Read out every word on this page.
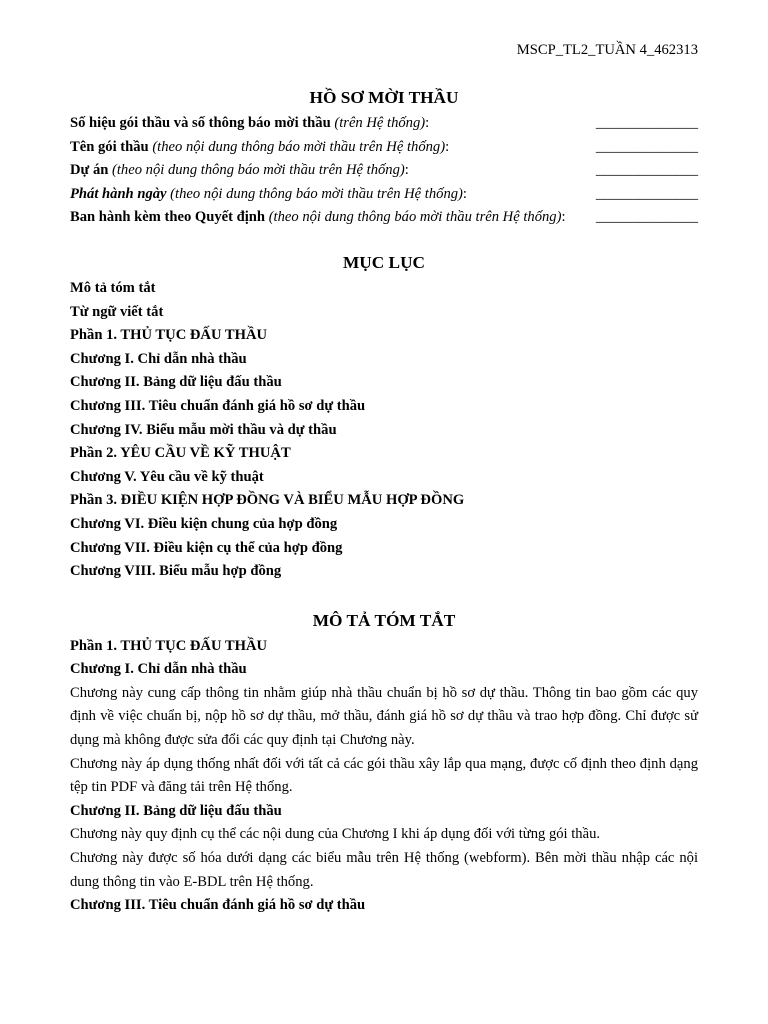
MSCP_TL2_TUẦN 4_462313
HỒ SƠ MỜI THẦU
Số hiệu gói thầu và số thông báo mời thầu (trên Hệ thống):	______________
Tên gói thầu (theo nội dung thông báo mời thầu trên Hệ thống):	______________
Dự án (theo nội dung thông báo mời thầu trên Hệ thống):	______________
Phát hành ngày (theo nội dung thông báo mời thầu trên Hệ thống):	______________
Ban hành kèm theo Quyết định (theo nội dung thông báo mời thầu trên Hệ thống):	______________
MỤC LỤC
Mô tả tóm tắt
Từ ngữ viết tắt
Phần 1. THỦ TỤC ĐẤU THẦU
Chương I. Chỉ dẫn nhà thầu
Chương II. Bảng dữ liệu đấu thầu
Chương III. Tiêu chuẩn đánh giá hồ sơ dự thầu
Chương IV. Biểu mẫu mời thầu và dự thầu
Phần 2. YÊU CẦU VỀ KỸ THUẬT
Chương V. Yêu cầu về kỹ thuật
Phần 3. ĐIỀU KIỆN HỢP ĐỒNG VÀ BIỂU MẪU HỢP ĐỒNG
Chương VI. Điều kiện chung của hợp đồng
Chương VII. Điều kiện cụ thể của hợp đồng
Chương VIII. Biểu mẫu hợp đồng
MÔ TẢ TÓM TẮT
Phần 1. THỦ TỤC ĐẤU THẦU
Chương I. Chỉ dẫn nhà thầu
Chương này cung cấp thông tin nhằm giúp nhà thầu chuẩn bị hồ sơ dự thầu. Thông tin bao gồm các quy định về việc chuẩn bị, nộp hồ sơ dự thầu, mở thầu, đánh giá hồ sơ dự thầu và trao hợp đồng. Chỉ được sử dụng mà không được sửa đổi các quy định tại Chương này.
Chương này áp dụng thống nhất đối với tất cả các gói thầu xây lắp qua mạng, được cố định theo định dạng tệp tin PDF và đăng tải trên Hệ thống.
Chương II. Bảng dữ liệu đấu thầu
Chương này quy định cụ thể các nội dung của Chương I khi áp dụng đối với từng gói thầu.
Chương này được số hóa dưới dạng các biểu mẫu trên Hệ thống (webform). Bên mời thầu nhập các nội dung thông tin vào E-BDL trên Hệ thống.
Chương III. Tiêu chuẩn đánh giá hồ sơ dự thầu
